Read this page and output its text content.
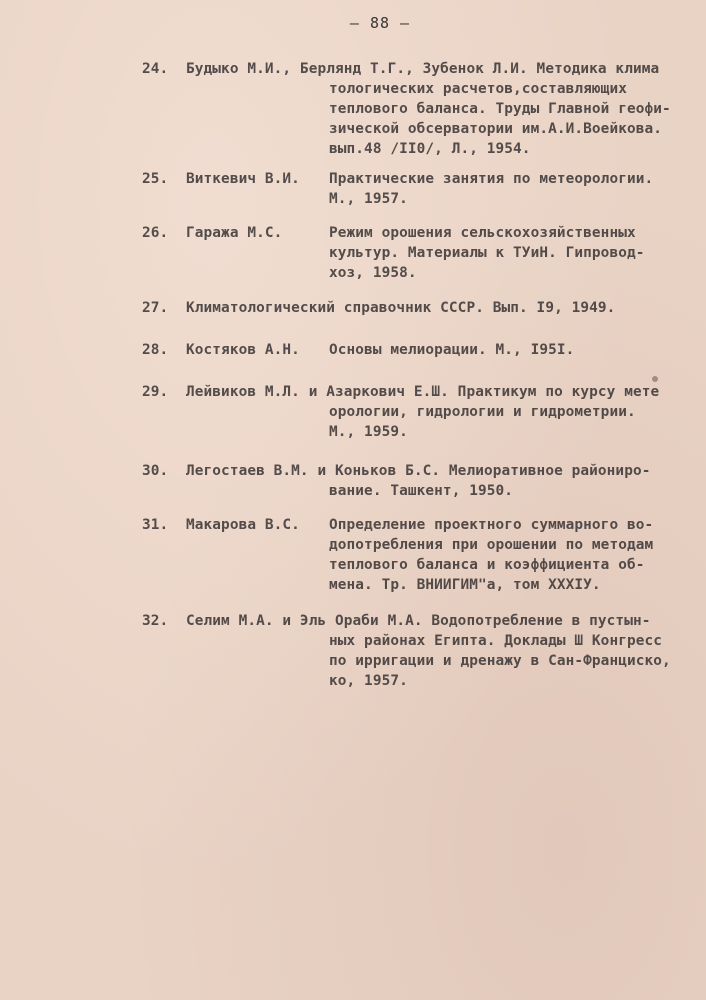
— 88 —
24. Будыко М.И., Берлянд Т.Г., Зубенок Л.И. Методика клима
тологических расчетов,составляющих
теплового баланса. Труды Главной геофи-
зической обсерватории им.А.И.Воейкова.
вып.48 /II0/, Л., 1954.
25. Виткевич В.И. Практические занятия по метеорологии.
М., 1957.
26. Гаража М.С.	Режим орошения сельскохозяйственных
культур. Материалы к ТУиН. Гипровод-
хоз, 1958.
27. Климатологический справочник СССР. Вып. I9, 1949.
28. Костяков А.Н. Основы мелиорации. М., I95I.
29. Лейвиков М.Л. и Азаркович Е.Ш. Практикум по курсу мете
орологии, гидрологии и гидрометрии.
М., 1959.
30. Легостаев В.М. и Коньков Б.С. Мелиоративное райониро-
вание. Ташкент, 1950.
31. Макарова В.С. Определение проектного суммарного во-
допотребления при орошении по методам
теплового баланса и коэффициента об-
мена. Тр. ВНИИГИМ"а, том XXXIУ.
32. Селим М.А. и Эль Ораби М.А. Водопотребление в пустын-
ных районах Египта. Доклады Ш Конгресс
по ирригации и дренажу в Сан-Франциско,
ко, 1957.
